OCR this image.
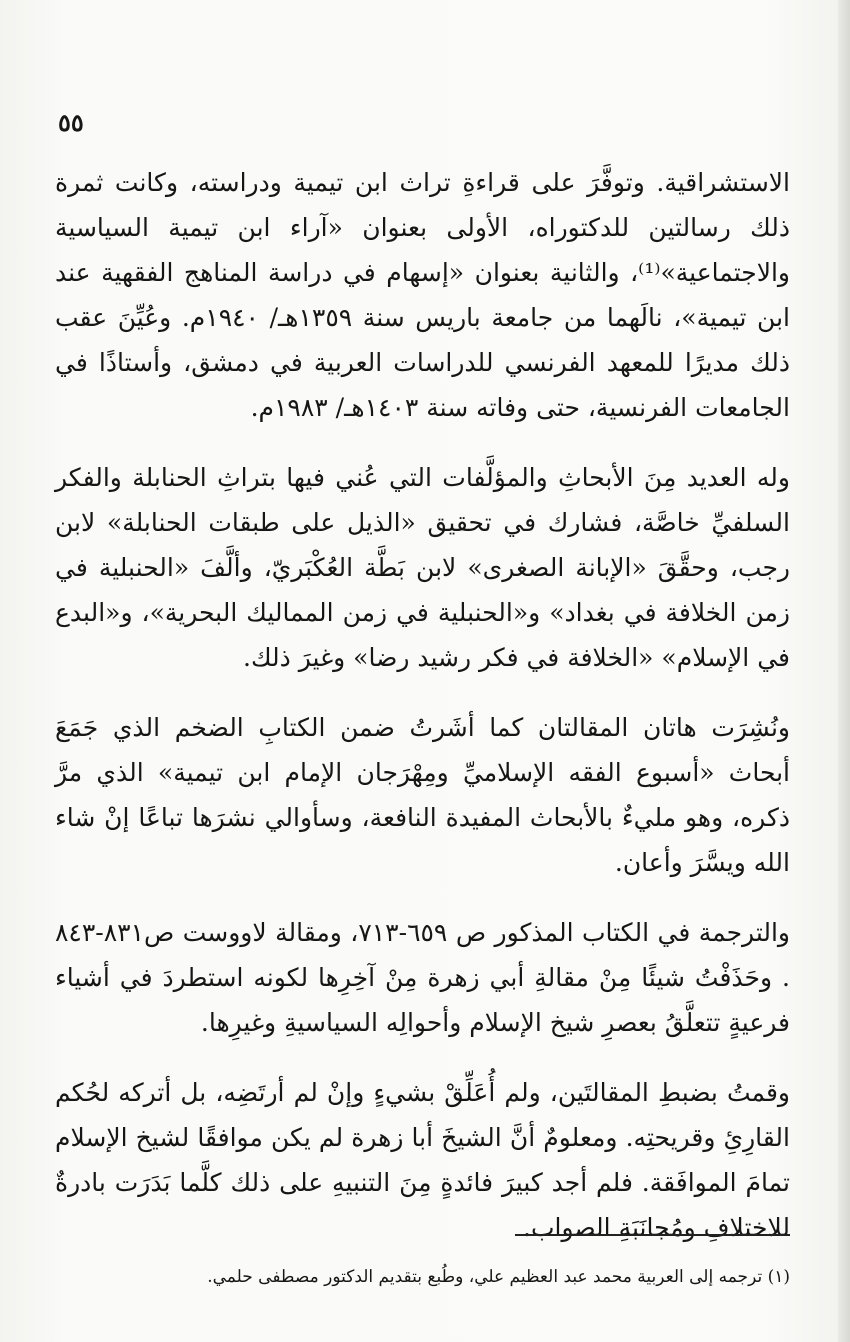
٥٥

الاستشراقية. وتوفَّرَ على قراءةِ تراث ابن تيمية ودراسته، وكانت ثمرة ذلك رسالتين للدكتوراه، الأولى بعنوان «آراء ابن تيمية السياسية والاجتماعية»⁽¹⁾، والثانية بعنوان «إسهام في دراسة المناهج الفقهية عند ابن تيمية»، نالَهما من جامعة باريس سنة ١٣٥٩هـ/ ١٩٤٠م. وعُيِّنَ عقب ذلك مديرًا للمعهد الفرنسي للدراسات العربية في دمشق، وأستاذًا في الجامعات الفرنسية، حتى وفاته سنة ١٤٠٣هـ/ ١٩٨٣م.

وله العديد مِنَ الأبحاثِ والمؤلَّفات التي عُني فيها بتراثِ الحنابلة والفكر السلفيِّ خاصَّة، فشارك في تحقيق «الذيل على طبقات الحنابلة» لابن رجب، وحقَّقَ «الإبانة الصغرى» لابن بَطَّة العُكْبَريّ، وألَّفَ «الحنبلية في زمن الخلافة في بغداد» و«الحنبلية في زمن المماليك البحرية»، و«البدع في الإسلام» «الخلافة في فكر رشيد رضا» وغيرَ ذلك.

ونُشِرَت هاتان المقالتان كما أشَرتُ ضمن الكتابِ الضخم الذي جَمَعَ أبحاث «أسبوع الفقه الإسلاميِّ ومِهْرَجان الإمام ابن تيمية» الذي مرَّ ذكره، وهو مليءٌ بالأبحاث المفيدة النافعة، وسأوالي نشرَها تباعًا إنْ شاء الله ويسَّرَ وأعان.

والترجمة في الكتاب المذكور ص ٦٥٩-٧١٣، ومقالة لاووست ص٨٣١-٨٤٣ . وحَذَفْتُ شيئًا مِنْ مقالةِ أبي زهرة مِنْ آخِرِها لكونه استطردَ في أشياء فرعيةٍ تتعلَّقُ بعصرِ شيخ الإسلام وأحوالِه السياسيةِ وغيرِها.

وقمتُ بضبطِ المقالتَين، ولم أُعَلِّقْ بشيءٍ وإنْ لم أرتَضِه، بل أتركه لحُكم القارِئِ وقريحتِه. ومعلومٌ أنَّ الشيخَ أبا زهرة لم يكن موافقًا لشيخ الإسلام تمامَ الموافَقة. فلم أجد كبيرَ فائدةٍ مِنَ التنبيهِ على ذلك كلَّما بَدَرَت بادرةٌ للاختلافِ ومُجانَبَةِ الصواب.

(١) ترجمه إلى العربية محمد عبد العظيم علي، وطُبع بتقديم الدكتور مصطفى حلمي.
